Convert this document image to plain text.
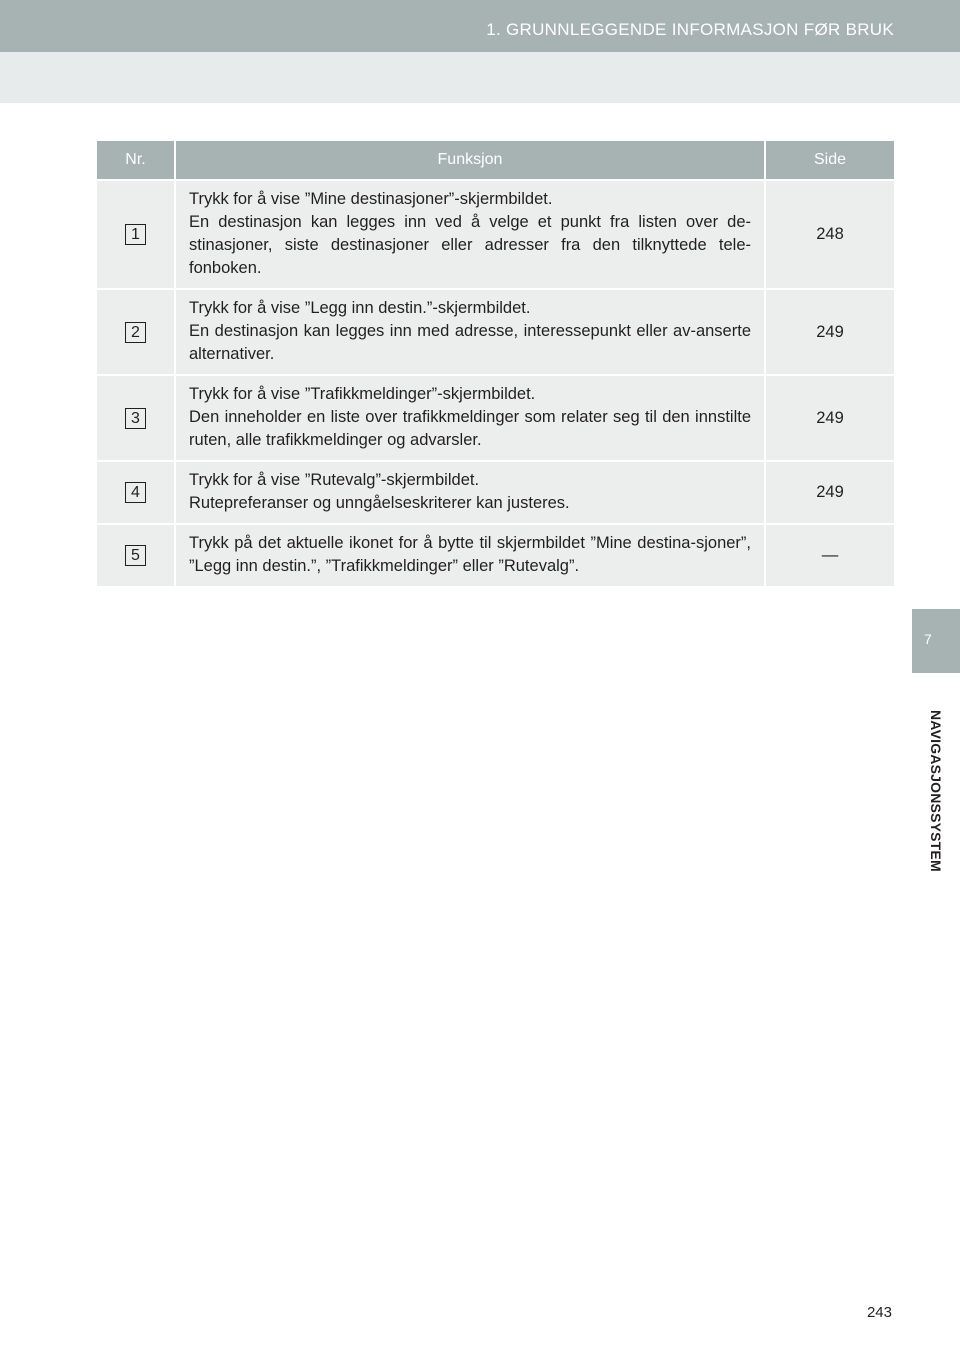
1. GRUNNLEGGENDE INFORMASJON FØR BRUK
7
NAVIGASJONSSYSTEM
Nr.	Funksjon	Side
1	Trykk for å vise ”Mine destinasjoner”-skjermbildet.
En destinasjon kan legges inn ved å velge et punkt fra listen over de-stinasjoner, siste destinasjoner eller adresser fra den tilknyttede tele-fonboken.	248
2	Trykk for å vise ”Legg inn destin.”-skjermbildet.
En destinasjon kan legges inn med adresse, interessepunkt eller av-anserte alternativer.	249
3	Trykk for å vise ”Trafikkmeldinger”-skjermbildet.
Den inneholder en liste over trafikkmeldinger som relater seg til den innstilte ruten, alle trafikkmeldinger og advarsler.	249
4	Trykk for å vise ”Rutevalg”-skjermbildet.
Rutepreferanser og unngåelseskriterer kan justeres.	249
5	Trykk på det aktuelle ikonet for å bytte til skjermbildet ”Mine destina-sjoner”, ”Legg inn destin.”, ”Trafikkmeldinger” eller ”Rutevalg”.	—
243
